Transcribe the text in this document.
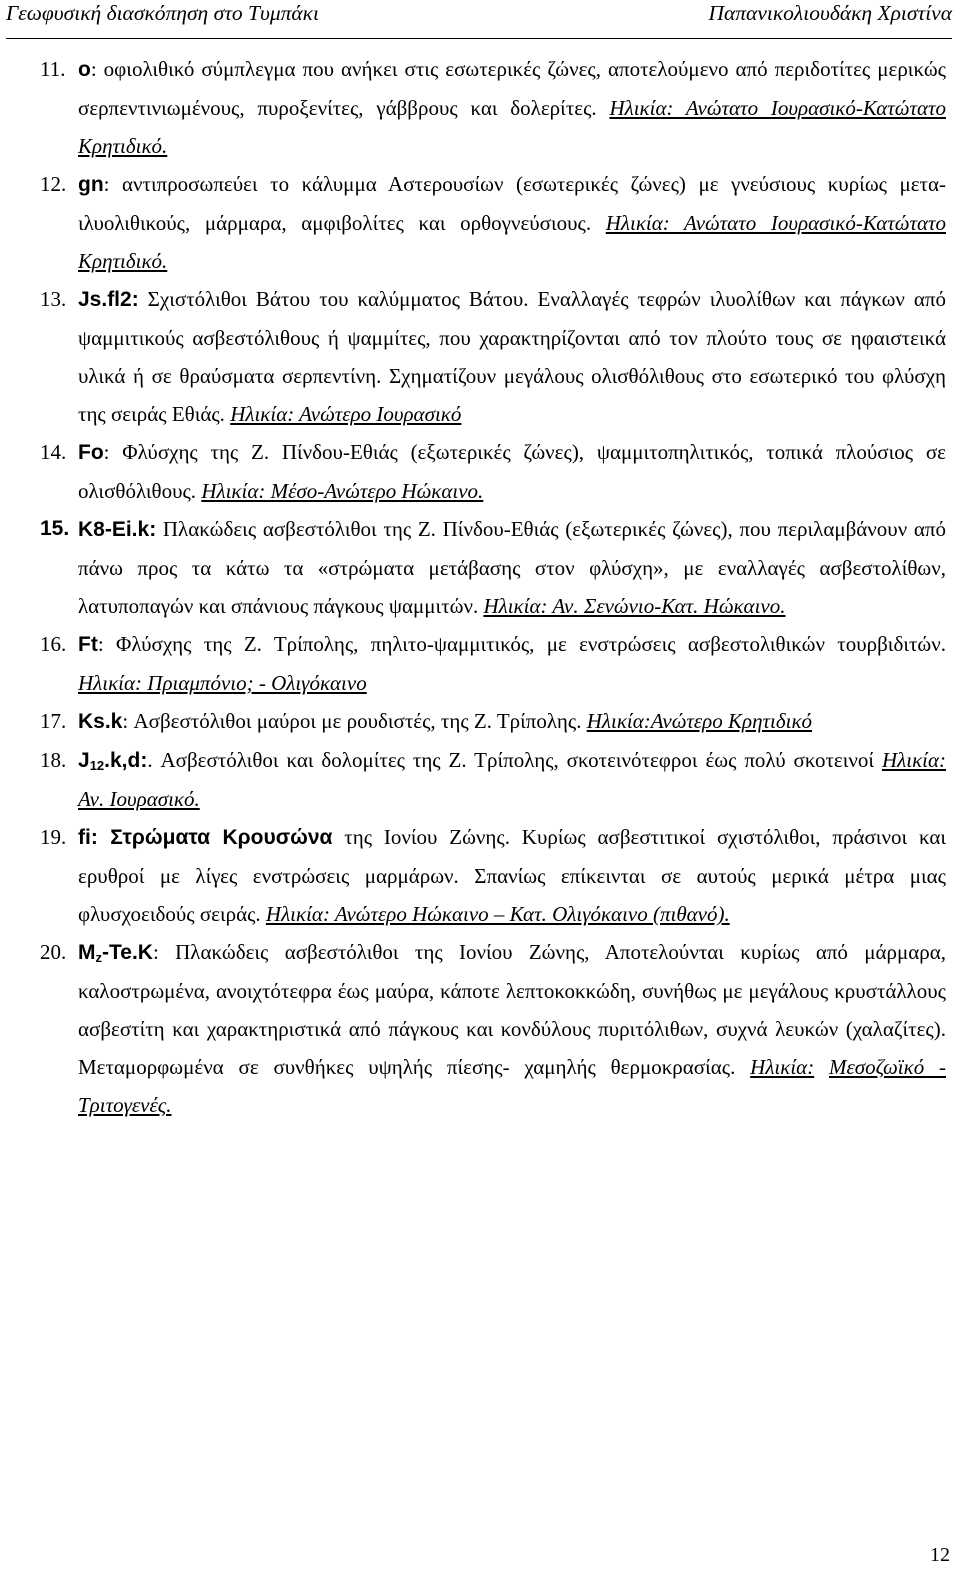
Γεωφυσική διασκόπηση στο Τυμπάκι	Παπανικολιουδάκη Χριστίνα
11. o: οφιολιθικό σύμπλεγμα που ανήκει στις εσωτερικές ζώνες, αποτελούμενο από περιδοτίτες μερικώς σερπεντινιωμένους, πυροξενίτες, γάββρους και δολερίτες. Ηλικία: Ανώτατο Ιουρασικό-Κατώτατο Κρητιδικό.
12. gn: αντιπροσωπεύει το κάλυμμα Αστερουσίων (εσωτερικές ζώνες) με γνεύσιους κυρίως μετα-ιλυολιθικούς, μάρμαρα, αμφιβολίτες και ορθογνεύσιους. Ηλικία: Ανώτατο Ιουρασικό-Κατώτατο Κρητιδικό.
13. Js.fl2: Σχιστόλιθοι Βάτου του καλύμματος Βάτου. Εναλλαγές τεφρών ιλυολίθων και πάγκων από ψαμμιτικούς ασβεστόλιθους ή ψαμμίτες, που χαρακτηρίζονται από τον πλούτο τους σε ηφαιστεικά υλικά ή σε θραύσματα σερπεντίνη. Σχηματίζουν μεγάλους ολισθόλιθους στο εσωτερικό του φλύσχη της σειράς Εθιάς. Ηλικία: Ανώτερο Ιουρασικό
14. Fo: Φλύσχης της Ζ. Πίνδου-Εθιάς (εξωτερικές ζώνες), ψαμμιτοπηλιτικός, τοπικά πλούσιος σε ολισθόλιθους. Ηλικία: Μέσο-Ανώτερο Ηώκαινο.
15. K8-Ei.k: Πλακώδεις ασβεστόλιθοι της Ζ. Πίνδου-Εθιάς (εξωτερικές ζώνες), που περιλαμβάνουν από πάνω προς τα κάτω τα «στρώματα μετάβασης στον φλύσχη», με εναλλαγές ασβεστολίθων, λατυποπαγών και σπάνιους πάγκους ψαμμιτών. Ηλικία: Αν. Σενώνιο-Κατ. Ηώκαινο.
16. Ft: Φλύσχης της Ζ. Τρίπολης, πηλιτο-ψαμμιτικός, με ενστρώσεις ασβεστολιθικών τουρβιδιτών. Ηλικία: Πριαμπόνιο; - Ολιγόκαινο
17. Ks.k: Ασβεστόλιθοι μαύροι με ρουδιστές, της Ζ. Τρίπολης. Ηλικία:Ανώτερο Κρητιδικό
18. $J_{12}.k,d$:. Ασβεστόλιθοι και δολομίτες της Ζ. Τρίπολης, σκοτεινότεφροι έως πολύ σκοτεινοί Ηλικία: Αν. Ιουρασικό.
19. fi: Στρώματα Κρουσώνα της Ιονίου Ζώνης. Κυρίως ασβεστιτικοί σχιστόλιθοι, πράσινοι και ερυθροί με λίγες ενστρώσεις μαρμάρων. Σπανίως επίκεινται σε αυτούς μερικά μέτρα μιας φλυσχοειδούς σειράς. Ηλικία: Ανώτερο Ηώκαινο – Κατ. Ολιγόκαινο (πιθανό).
20. $M_z-Te.K$: Πλακώδεις ασβεστόλιθοι της Ιονίου Ζώνης, Αποτελούνται κυρίως από μάρμαρα, καλοστρωμένα, ανοιχτότεφρα έως μαύρα, κάποτε λεπτοκοκκώδη, συνήθως με μεγάλους κρυστάλλους ασβεστίτη και χαρακτηριστικά από πάγκους και κονδύλους πυριτόλιθων, συχνά λευκών (χαλαζίτες). Μεταμορφωμένα σε συνθήκες υψηλής πίεσης- χαμηλής θερμοκρασίας. Ηλικία: Μεσοζωϊκό - Τριτογενές.
12
